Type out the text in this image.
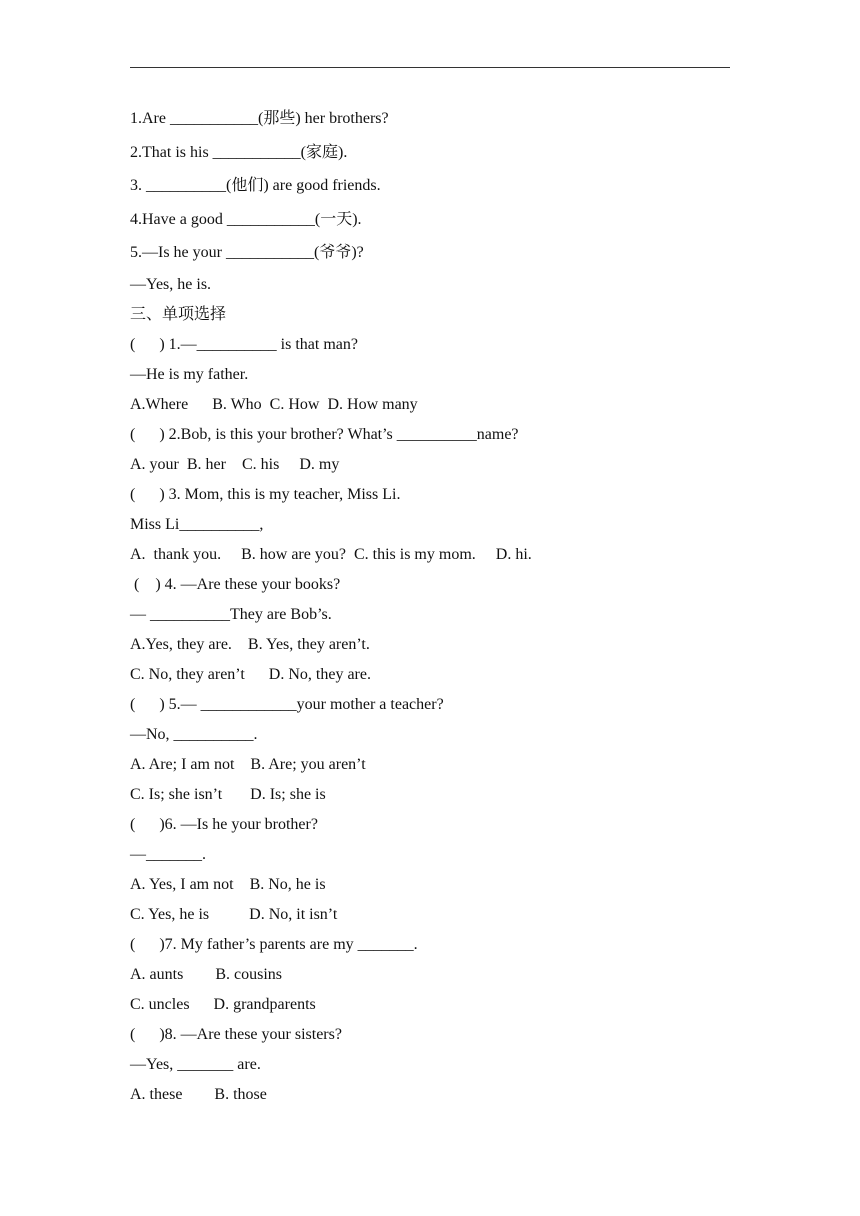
1.Are ___________(那些) her brothers?
2.That is his ___________(家庭).
3. __________(他们) are good friends.
4.Have a good ___________(一天).
5.—Is he your ___________(爷爷)?
—Yes, he is.
三、单项选择
(      ) 1.—__________ is that man?
—He is my father.
A.Where      B. Who  C. How  D. How many
(      ) 2.Bob, is this your brother? What’s __________name?
A. your  B. her    C. his     D. my
(      ) 3. Mom, this is my teacher, Miss Li.
Miss Li__________,
A.  thank you.     B. how are you?  C. this is my mom.     D. hi.
(    ) 4. —Are these your books?
— __________They are Bob’s.
A.Yes, they are.    B. Yes, they aren’t.
C. No, they aren’t      D. No, they are.
(      ) 5.— ____________your mother a teacher?
—No, __________.
A. Are; I am not    B. Are; you aren’t
C. Is; she isn’t       D. Is; she is
(      )6. —Is he your brother?
—_______.
A. Yes, I am not    B. No, he is
C. Yes, he is          D. No, it isn’t
(      )7. My father’s parents are my _______.
A. aunts        B. cousins
C. uncles      D. grandparents
(      )8. —Are these your sisters?
—Yes, _______ are.
A. these        B. those
